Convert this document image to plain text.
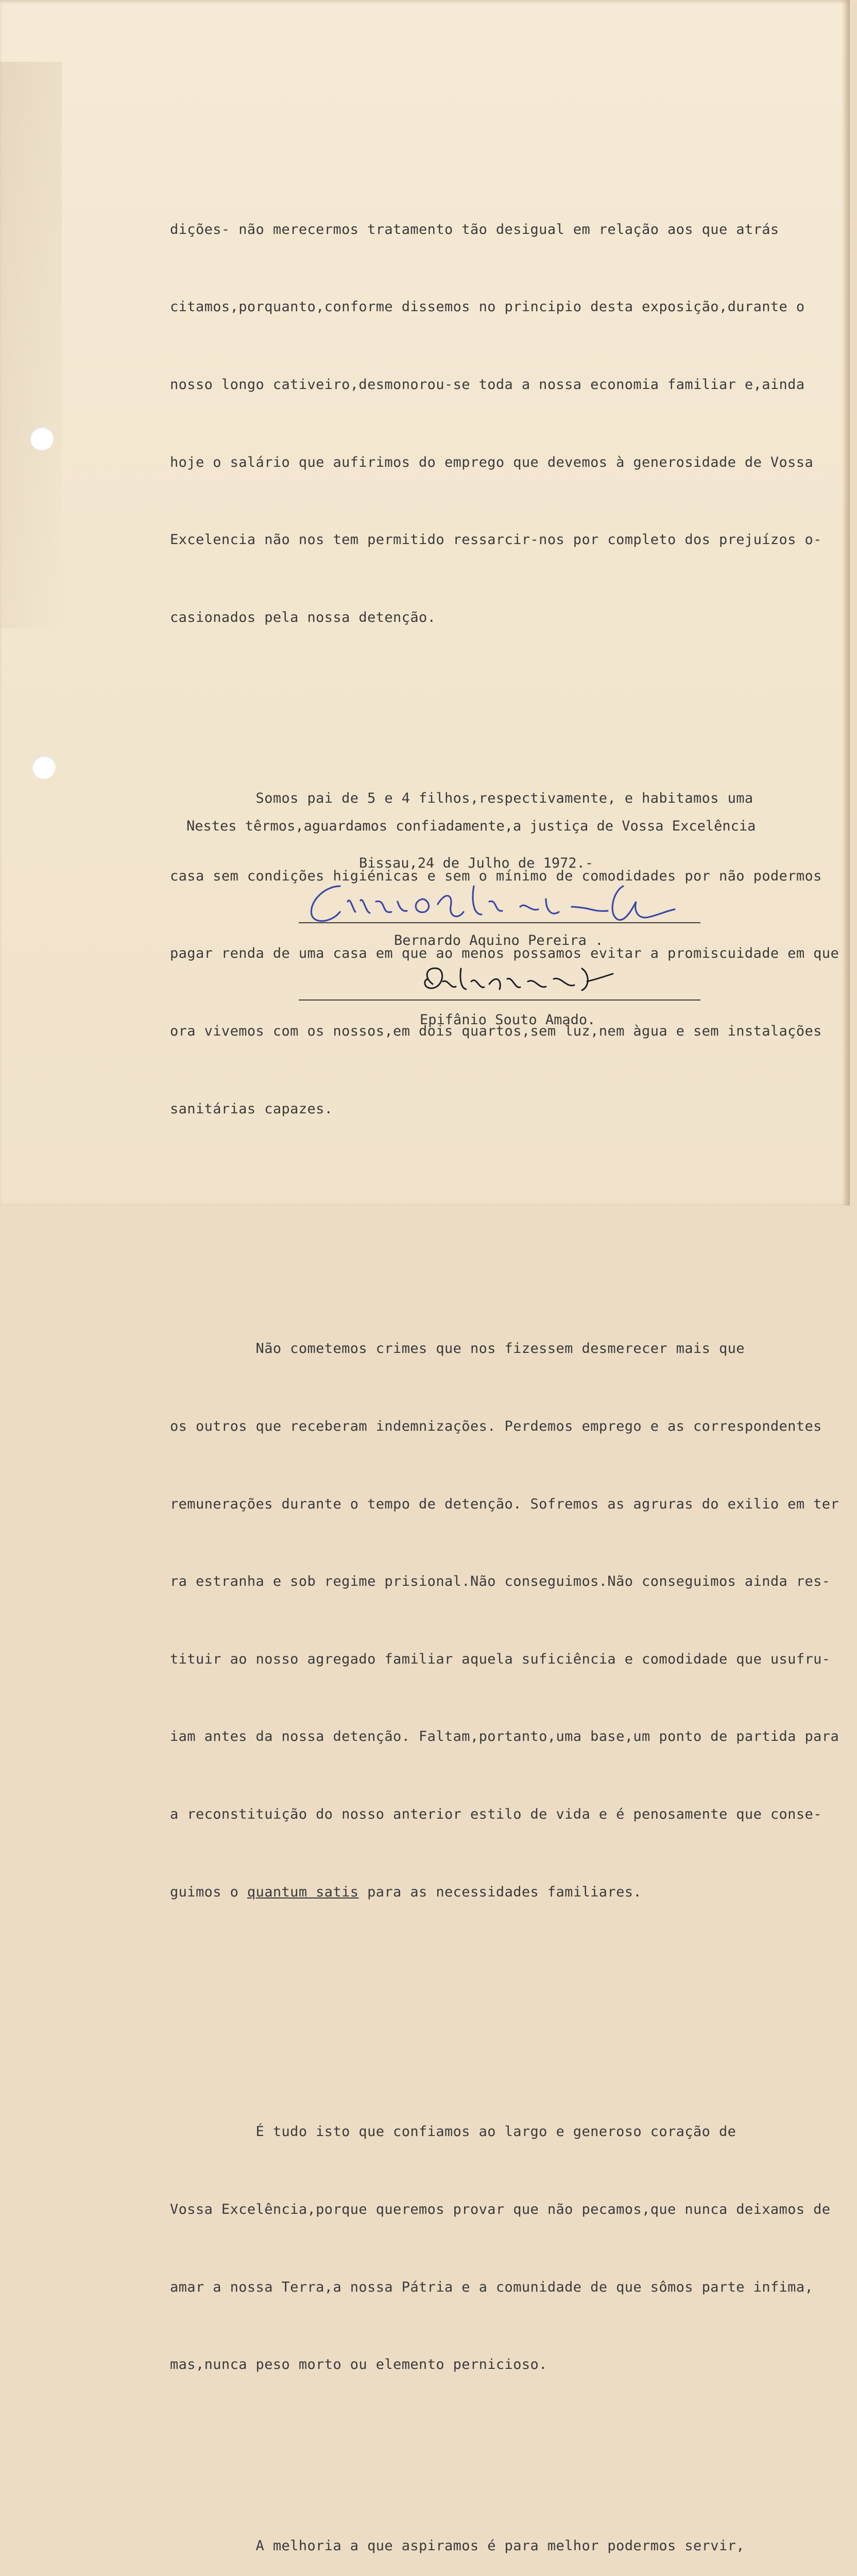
dições- não merecermos tratamento tão desigual em relação aos que atrás

citamos,porquanto,conforme dissemos no principio desta exposição,durante o

nosso longo cativeiro,desmonorou-se toda a nossa economia familiar e,ainda

hoje o salário que aufirimos do emprego que devemos à generosidade de Vossa

Excelencia não nos tem permitido ressarcir-nos por completo dos prejuízos o-

casionados pela nossa detenção.

Somos pai de 5 e 4 filhos,respectivamente, e habitamos uma

casa sem condições higiénicas e sem o mínimo de comodidades por não podermos

pagar renda de uma casa em que ao menos possamos evitar a promiscuidade em que

ora vivemos com os nossos,em dois quartos,sem luz,nem àgua e sem instalações

sanitárias capazes.

Não cometemos crimes que nos fizessem desmerecer mais que

os outros que receberam indemnizações. Perdemos emprego e as correspondentes

remunerações durante o tempo de detenção. Sofremos as agruras do exilio em ter

ra estranha e sob regime prisional.Não conseguimos.Não conseguimos ainda res-

tituir ao nosso agregado familiar aquela suficiência e comodidade que usufru-

iam antes da nossa detenção. Faltam,portanto,uma base,um ponto de partida para

a reconstituição do nosso anterior estilo de vida e é penosamente que conse-

guimos o quantum satis para as necessidades familiares.

É tudo isto que confiamos ao largo e generoso coração de

Vossa Excelência,porque queremos provar que não pecamos,que nunca deixamos de

amar a nossa Terra,a nossa Pátria e a comunidade de que sômos parte infima,

mas,nunca peso morto ou elemento pernicioso.

A melhoria a que aspiramos é para melhor podermos servir,

Nestes têrmos,aguardamos confiadamente,a justiça de Vossa Excelência
Bissau,24 de Julho de 1972.-
Bernardo Aquino Pereira .
Epifânio Souto Amado.
